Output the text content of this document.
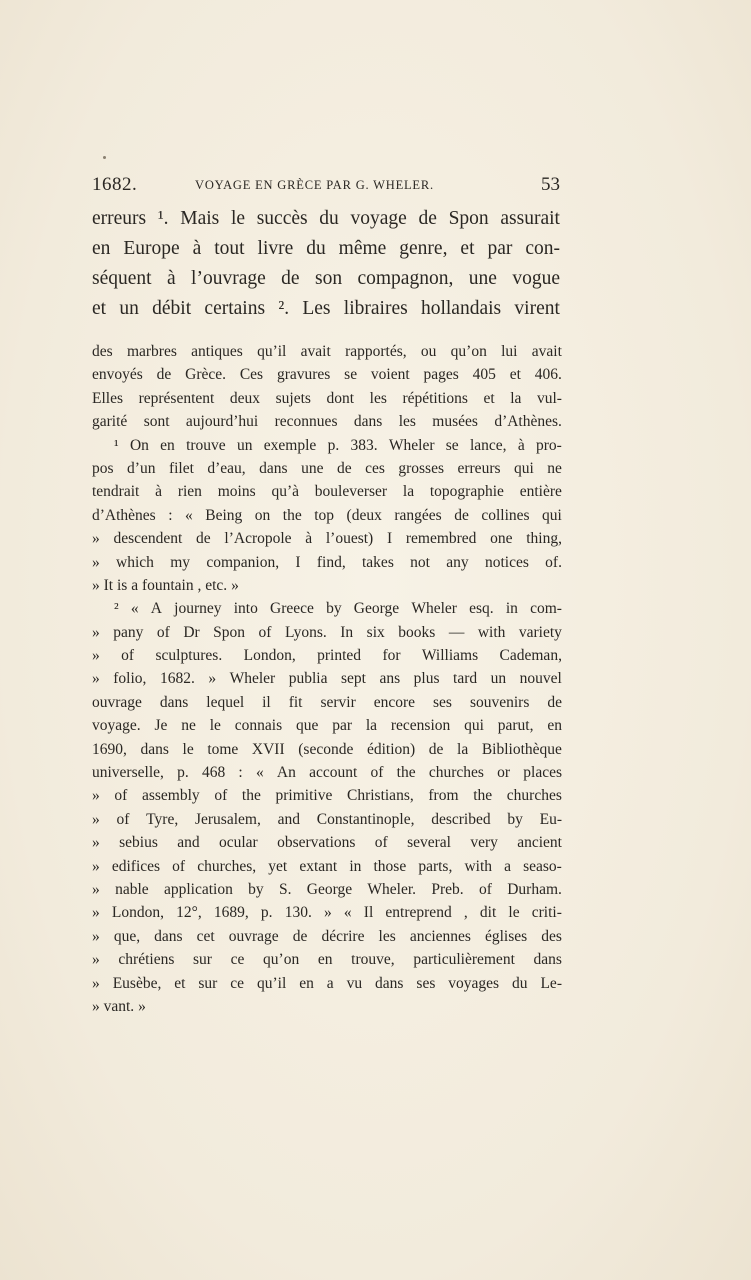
1682.	VOYAGE EN GRÈCE PAR G. WHELER.	53
erreurs ¹. Mais le succès du voyage de Spon assurait
en Europe à tout livre du même genre, et par con-
séquent à l’ouvrage de son compagnon, une vogue
et un débit certains ². Les libraires hollandais virent
des marbres antiques qu’il avait rapportés, ou qu’on lui avait
envoyés de Grèce. Ces gravures se voient pages 405 et 406.
Elles représentent deux sujets dont les répétitions et la vul-
garité sont aujourd’hui reconnues dans les musées d’Athènes.
¹ On en trouve un exemple p. 383. Wheler se lance, à pro-
pos d’un filet d’eau, dans une de ces grosses erreurs qui ne
tendrait à rien moins qu’à bouleverser la topographie entière
d’Athènes : « Being on the top (deux rangées de collines qui
» descendent de l’Acropole à l’ouest) I remembred one thing,
» which my companion, I find, takes not any notices of.
» It is a fountain , etc. »
² « A journey into Greece by George Wheler esq. in com-
» pany of Dr Spon of Lyons. In six books — with variety
» of sculptures. London, printed for Williams Cademan,
» folio, 1682. » Wheler publia sept ans plus tard un nouvel
ouvrage dans lequel il fit servir encore ses souvenirs de
voyage. Je ne le connais que par la recension qui parut, en
1690, dans le tome XVII (seconde édition) de la Bibliothèque
universelle, p. 468 : « An account of the churches or places
» of assembly of the primitive Christians, from the churches
» of Tyre, Jerusalem, and Constantinople, described by Eu-
» sebius and ocular observations of several very ancient
» edifices of churches, yet extant in those parts, with a seaso-
» nable application by S. George Wheler. Preb. of Durham.
» London, 12°, 1689, p. 130. » « Il entreprend , dit le criti-
» que, dans cet ouvrage de décrire les anciennes églises des
» chrétiens sur ce qu’on en trouve, particulièrement dans
» Eusèbe, et sur ce qu’il en a vu dans ses voyages du Le-
» vant. »
